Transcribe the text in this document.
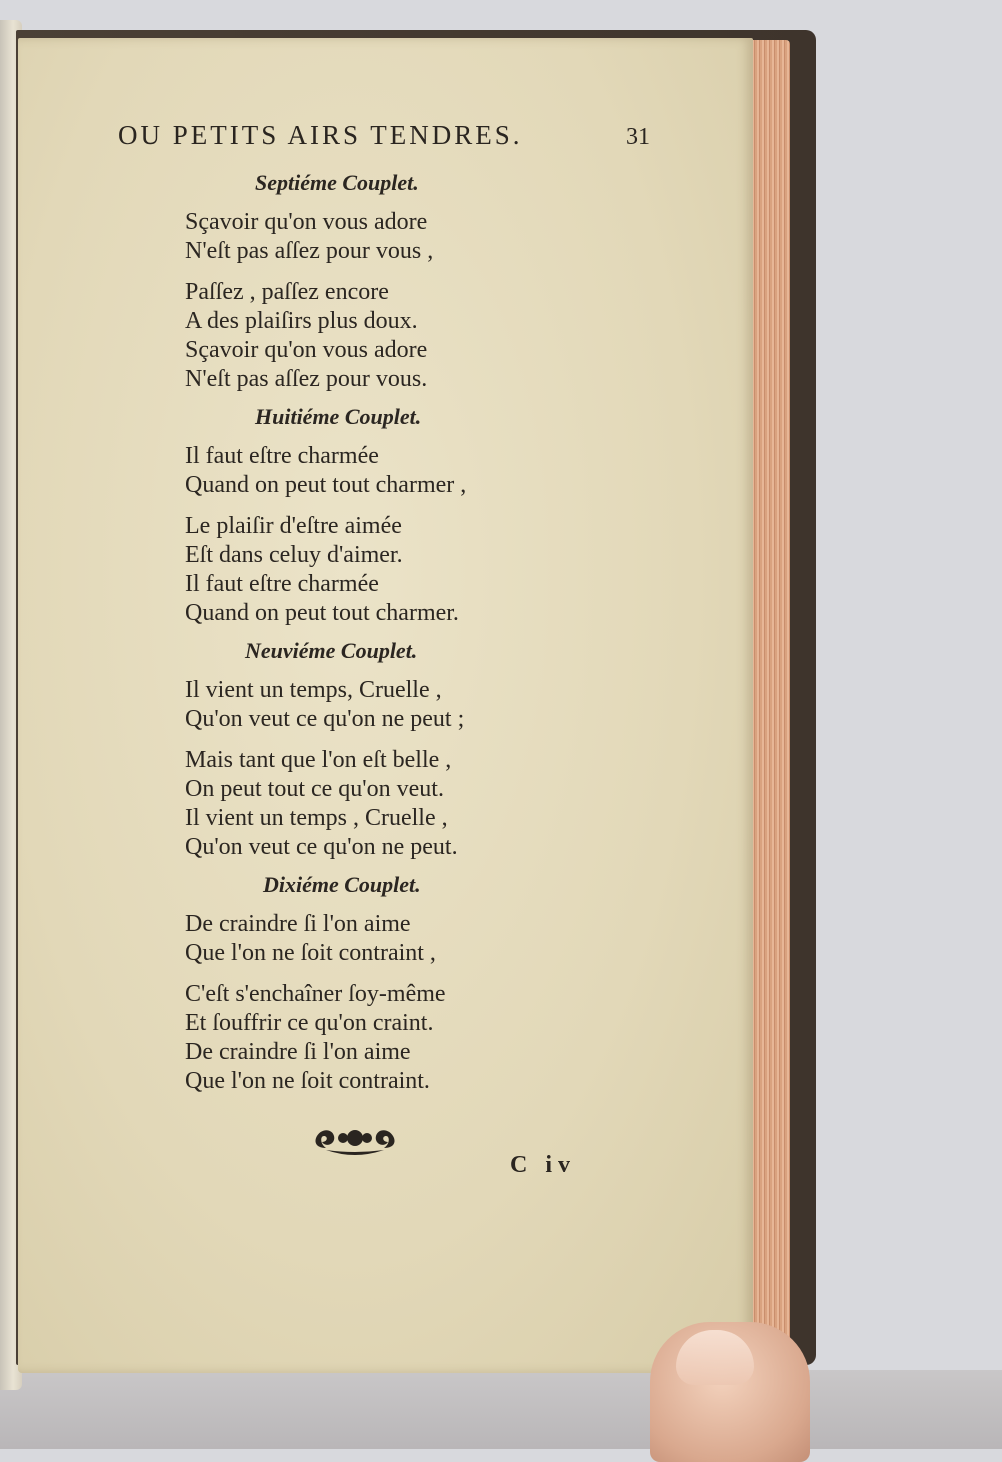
OU PETITS AIRS TENDRES.	31
Septiéme Couplet.
Sçavoir qu'on vous adore
N'eſt pas aſſez pour vous ,
Paſſez , paſſez encore
A des plaiſirs plus doux.
Sçavoir qu'on vous adore
N'eſt pas aſſez pour vous.
Huitiéme Couplet.
Il faut eſtre charmée
Quand on peut tout charmer ,
Le plaiſir d'eſtre aimée
Eſt dans celuy d'aimer.
Il faut eſtre charmée
Quand on peut tout charmer.
Neuviéme Couplet.
Il vient un temps, Cruelle ,
Qu'on veut ce qu'on ne peut ;
Mais tant que l'on eſt belle ,
On peut tout ce qu'on veut.
Il vient un temps , Cruelle ,
Qu'on veut ce qu'on ne peut.
Dixiéme Couplet.
De craindre ſi l'on aime
Que l'on ne ſoit contraint ,
C'eſt s'enchaîner ſoy-même
Et ſouffrir ce qu'on craint.
De craindre ſi l'on aime
Que l'on ne ſoit contraint.
C iv
